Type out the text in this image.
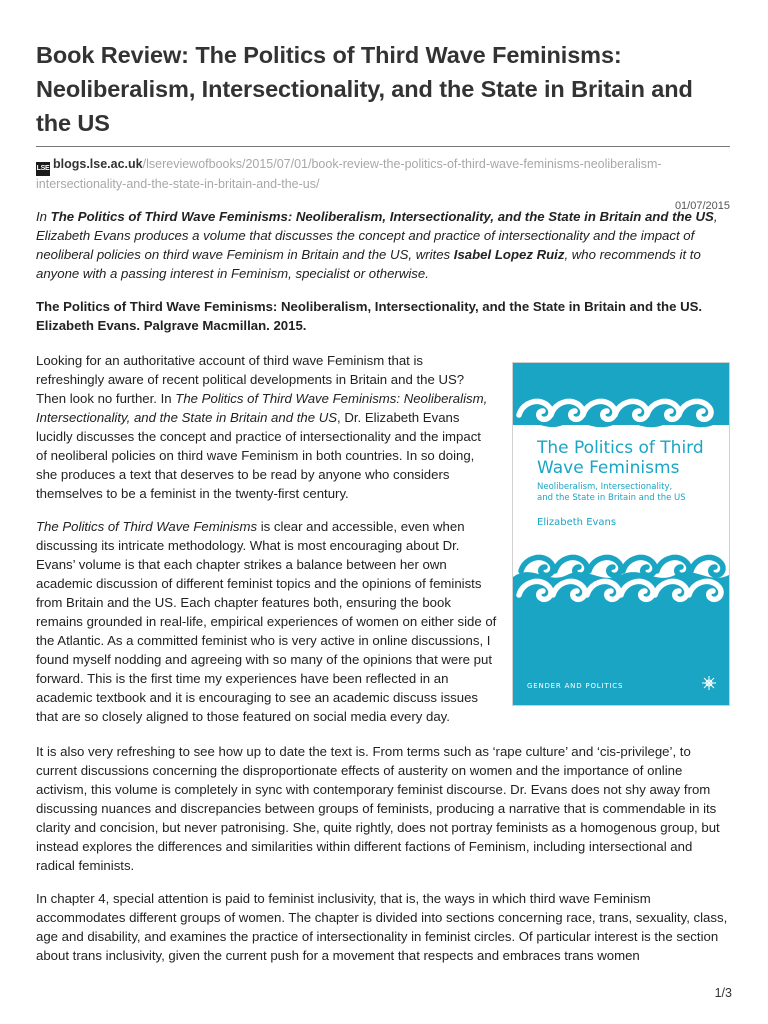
Book Review: The Politics of Third Wave Feminisms: Neoliberalism, Intersectionality, and the State in Britain and the US
LSE blogs.lse.ac.uk/lsereviewofbooks/2015/07/01/book-review-the-politics-of-third-wave-feminisms-neoliberalism-intersectionality-and-the-state-in-britain-and-the-us/
01/07/2015

In The Politics of Third Wave Feminisms: Neoliberalism, Intersectionality, and the State in Britain and the US, Elizabeth Evans produces a volume that discusses the concept and practice of intersectionality and the impact of neoliberal policies on third wave Feminism in Britain and the US, writes Isabel Lopez Ruiz, who recommends it to anyone with a passing interest in Feminism, specialist or otherwise.

The Politics of Third Wave Feminisms: Neoliberalism, Intersectionality, and the State in Britain and the US. Elizabeth Evans. Palgrave Macmillan. 2015.

Looking for an authoritative account of third wave Feminism that is refreshingly aware of recent political developments in Britain and the US? Then look no further. In The Politics of Third Wave Feminisms: Neoliberalism, Intersectionality, and the State in Britain and the US, Dr. Elizabeth Evans lucidly discusses the concept and practice of intersectionality and the impact of neoliberal policies on third wave Feminism in both countries. In so doing, she produces a text that deserves to be read by anyone who considers themselves to be a feminist in the twenty-first century.

The Politics of Third Wave Feminisms is clear and accessible, even when discussing its intricate methodology. What is most encouraging about Dr. Evans’ volume is that each chapter strikes a balance between her own academic discussion of different feminist topics and the opinions of feminists from Britain and the US. Each chapter features both, ensuring the book remains grounded in real-life, empirical experiences of women on either side of the Atlantic. As a committed feminist who is very active in online discussions, I found myself nodding and agreeing with so many of the opinions that were put forward. This is the first time my experiences have been reflected in an academic textbook and it is encouraging to see an academic discuss issues that are so closely aligned to those featured on social media every day.

It is also very refreshing to see how up to date the text is. From terms such as ‘rape culture’ and ‘cis-privilege’, to current discussions concerning the disproportionate effects of austerity on women and the importance of online activism, this volume is completely in sync with contemporary feminist discourse. Dr. Evans does not shy away from discussing nuances and discrepancies between groups of feminists, producing a narrative that is commendable in its clarity and concision, but never patronising. She, quite rightly, does not portray feminists as a homogenous group, but instead explores the differences and similarities within different factions of Feminism, including intersectional and radical feminists.

In chapter 4, special attention is paid to feminist inclusivity, that is, the ways in which third wave Feminism accommodates different groups of women. The chapter is divided into sections concerning race, trans, sexuality, class, age and disability, and examines the practice of intersectionality in feminist circles. Of particular interest is the section about trans inclusivity, given the current push for a movement that respects and embraces trans women

The Politics of Third
Wave Feminisms
Neoliberalism, Intersectionality,
and the State in Britain and the US
Elizabeth Evans
GENDER AND POLITICS
1/3
